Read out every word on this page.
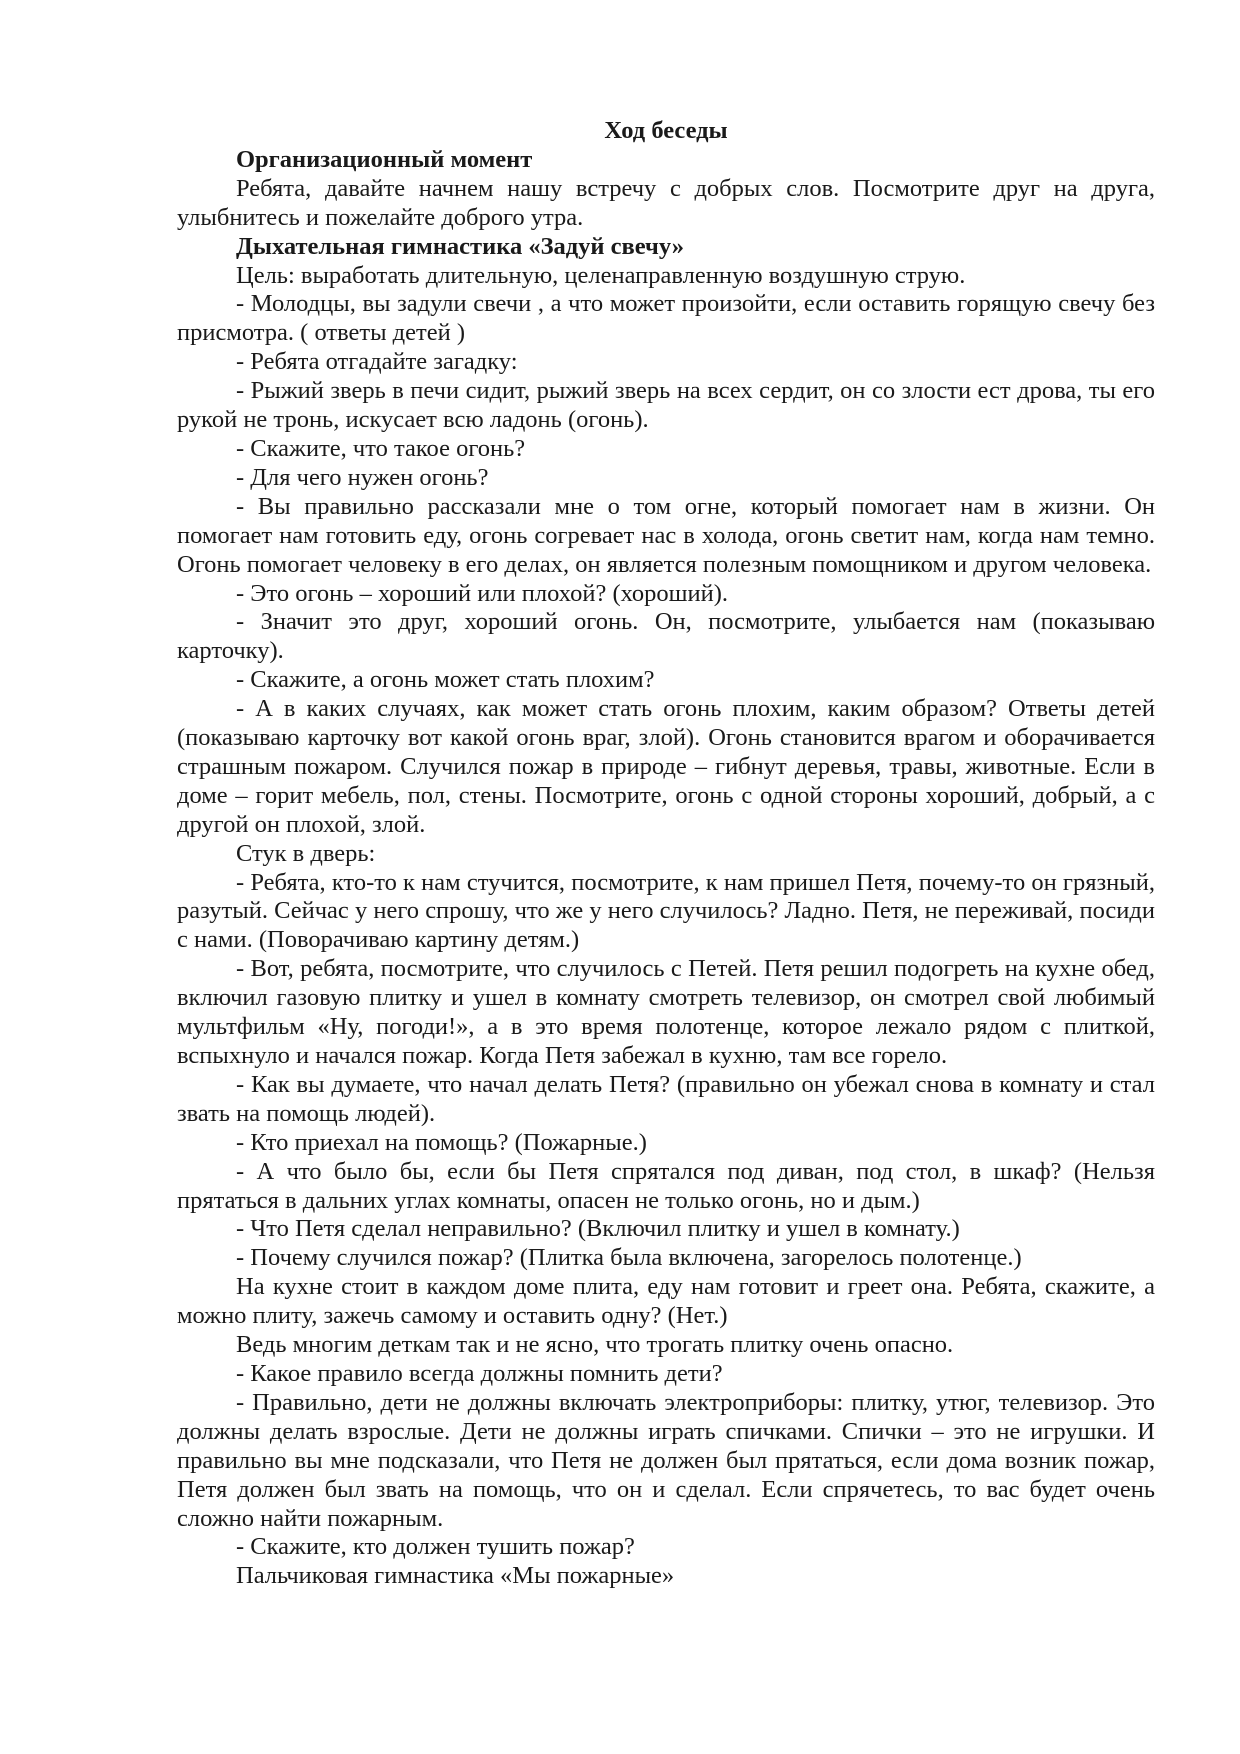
Ход беседы

Организационный момент

Ребята, давайте начнем нашу встречу с добрых слов. Посмотрите друг на друга, улыбнитесь и пожелайте доброго утра.

Дыхательная гимнастика «Задуй свечу»

Цель: выработать длительную, целенаправленную воздушную струю.

- Молодцы, вы задули свечи , а что может произойти, если оставить горящую свечу без присмотра. ( ответы детей )

- Ребята отгадайте загадку:

- Рыжий зверь в печи сидит, рыжий зверь на всех сердит, он со злости ест дрова, ты его рукой не тронь, искусает всю ладонь (огонь).

- Скажите, что такое огонь?

- Для чего нужен огонь?

- Вы правильно рассказали мне о том огне, который помогает нам в жизни. Он помогает нам готовить еду, огонь согревает нас в холода, огонь светит нам, когда нам темно. Огонь помогает человеку в его делах, он является полезным помощником и другом человека.

- Это огонь – хороший или плохой? (хороший).

- Значит это друг, хороший огонь. Он, посмотрите, улыбается нам (показываю карточку).

- Скажите, а огонь может стать плохим?

- А в каких случаях, как может стать огонь плохим, каким образом? Ответы детей (показываю карточку вот какой огонь враг, злой). Огонь становится врагом и оборачивается страшным пожаром. Случился пожар в природе – гибнут деревья, травы, животные. Если в доме – горит мебель, пол, стены. Посмотрите, огонь с одной стороны хороший, добрый, а с другой он плохой, злой.

Стук в дверь:

- Ребята, кто-то к нам стучится, посмотрите, к нам пришел Петя, почему-то он грязный, разутый. Сейчас у него спрошу, что же у него случилось? Ладно. Петя, не переживай, посиди с нами. (Поворачиваю картину детям.)

- Вот, ребята, посмотрите, что случилось с Петей. Петя решил подогреть на кухне обед, включил газовую плитку и ушел в комнату смотреть телевизор, он смотрел свой любимый мультфильм «Ну, погоди!», а в это время полотенце, которое лежало рядом с плиткой, вспыхнуло и начался пожар. Когда Петя забежал в кухню, там все горело.

- Как вы думаете, что начал делать Петя? (правильно он убежал снова в комнату и стал звать на помощь людей).

- Кто приехал на помощь? (Пожарные.)

- А что было бы, если бы Петя спрятался под диван, под стол, в шкаф? (Нельзя прятаться в дальних углах комнаты, опасен не только огонь, но и дым.)

- Что Петя сделал неправильно? (Включил плитку и ушел в комнату.)

- Почему случился пожар? (Плитка была включена, загорелось полотенце.)

На кухне стоит в каждом доме плита, еду нам готовит и греет она. Ребята, скажите, а можно плиту, зажечь самому и оставить одну? (Нет.)

Ведь многим деткам так и не ясно, что трогать плитку очень опасно.

- Какое правило всегда должны помнить дети?

- Правильно, дети не должны включать электроприборы: плитку, утюг, телевизор. Это должны делать взрослые. Дети не должны играть спичками. Спички – это не игрушки. И правильно вы мне подсказали, что Петя не должен был прятаться, если дома возник пожар, Петя должен был звать на помощь, что он и сделал. Если спрячетесь, то вас будет очень сложно найти пожарным.

- Скажите, кто должен тушить пожар?

Пальчиковая гимнастика «Мы пожарные»
